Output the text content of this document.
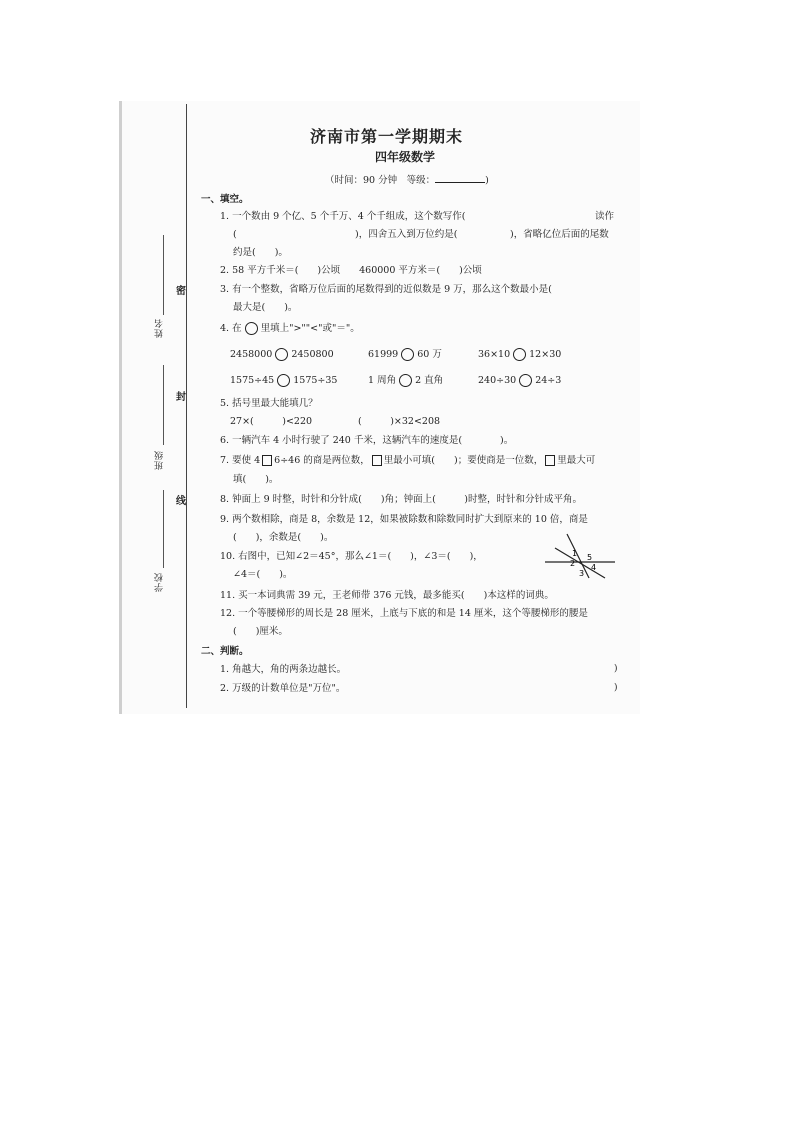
姓名
班级
学校
密
封
线
济南市第一学期期末
四年级数学
（时间：90 分钟　等级：	)
一、填空。
1. 一个数由 9 个亿、5 个千万、4 个千组成，这个数写作(	读作
(	)，四舍五入到万位约是(	)，省略亿位后面的尾数
约是(　　)。
2. 58 平方千米＝(　　)公顷　　460000 平方米＝(　　)公顷
3. 有一个整数，省略万位后面的尾数得到的近似数是 9 万，那么这个数最小是(
最大是(　　)。
4. 在 里填上">""<"或"＝"。
2458000 2450800	61999 60 万	36×10 12×30
1575÷45 1575÷35	1 周角 2 直角	240÷30 24÷3
5. 括号里最大能填几？
27×(　　　)<220	(　　　)×32<208
6. 一辆汽车 4 小时行驶了 240 千米，这辆汽车的速度是(　　　　)。
7. 要使 4 6÷46 的商是两位数， 里最小可填(　　)；要使商是一位数， 里最大可
填(　　)。
8. 钟面上 9 时整，时针和分针成(　　)角；钟面上(　　　)时整，时针和分针成平角。
9. 两个数相除，商是 8，余数是 12，如果被除数和除数同时扩大到原来的 10 倍，商是
(　　)，余数是(　　)。
10. 右图中，已知∠2＝45°，那么∠1＝(　　)，∠3＝(　　)，
∠4＝(　　)。
1
2
5
4
3
11. 买一本词典需 39 元，王老师带 376 元钱，最多能买(　　)本这样的词典。
12. 一个等腰梯形的周长是 28 厘米，上底与下底的和是 14 厘米，这个等腰梯形的腰是
(　　)厘米。
二、判断。
1. 角越大，角的两条边越长。	)
2. 万级的计数单位是"万位"。	)
